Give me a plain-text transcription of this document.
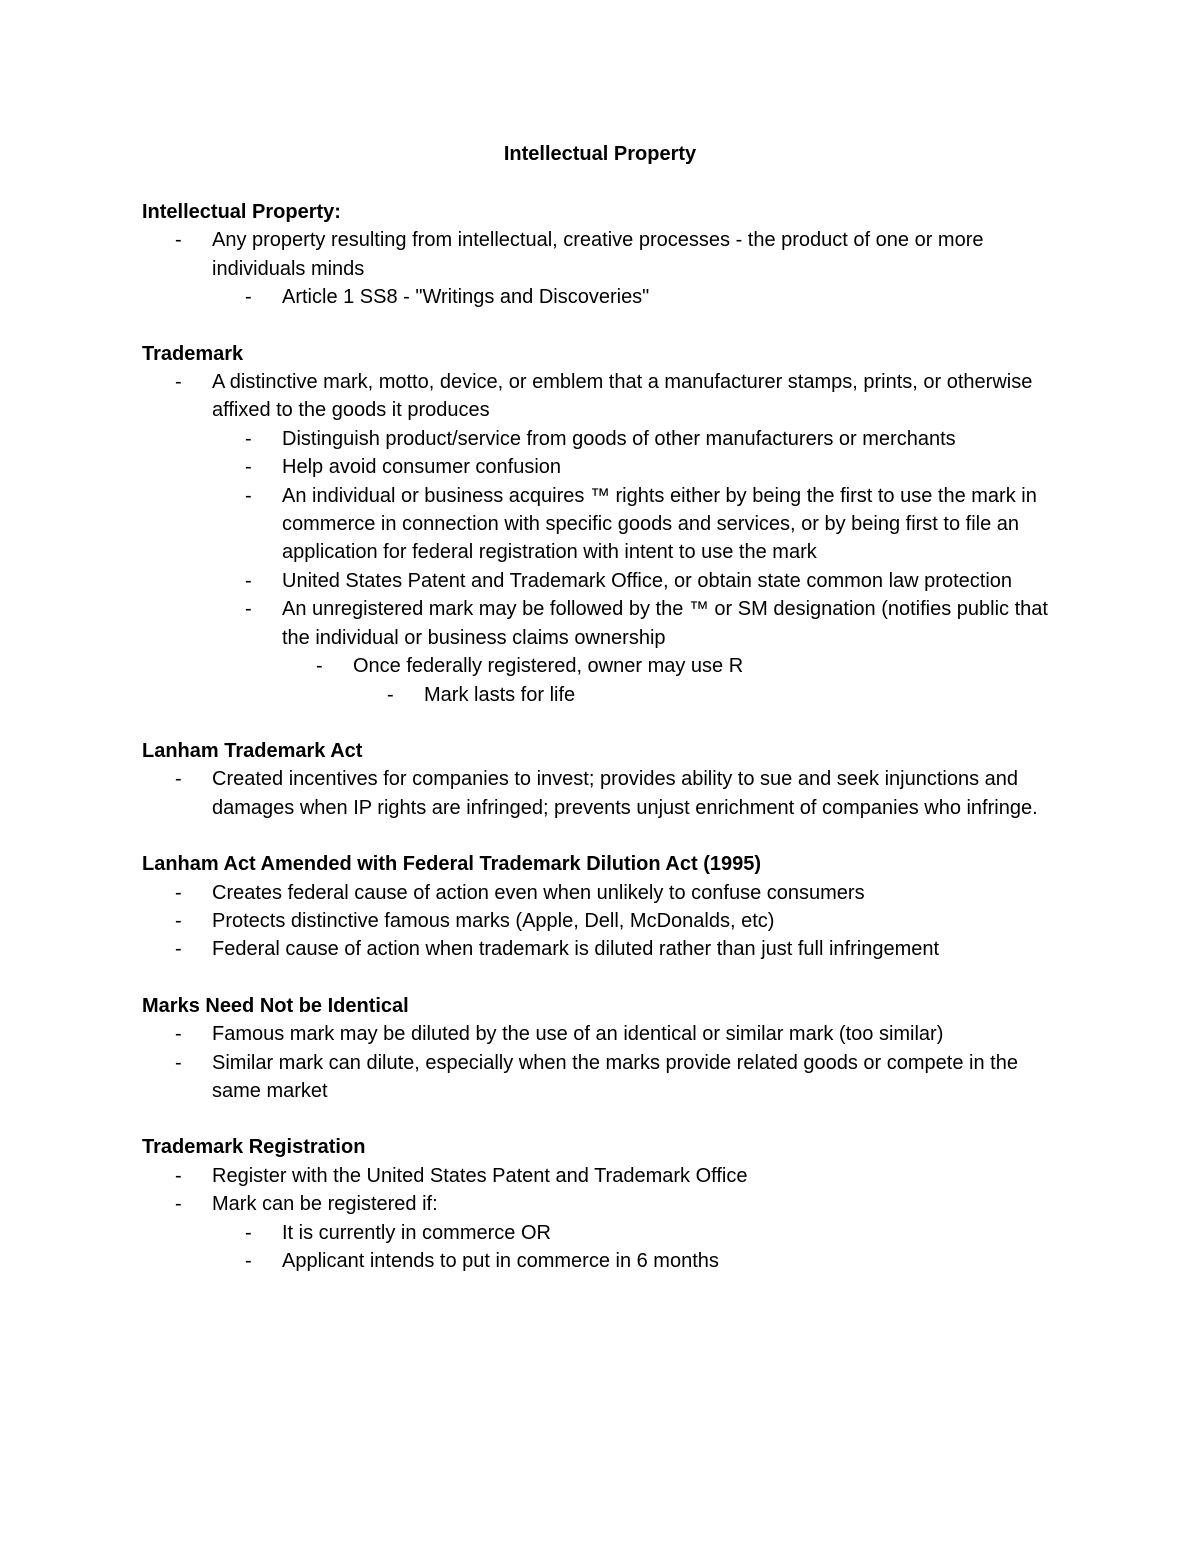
Intellectual Property
Intellectual Property:
- Any property resulting from intellectual, creative processes - the product of one or more individuals minds
- Article 1 SS8 - "Writings and Discoveries"
Trademark
- A distinctive mark, motto, device, or emblem that a manufacturer stamps, prints, or otherwise affixed to the goods it produces
- Distinguish product/service from goods of other manufacturers or merchants
- Help avoid consumer confusion
- An individual or business acquires ™ rights either by being the first to use the mark in commerce in connection with specific goods and services, or by being first to file an application for federal registration with intent to use the mark
- United States Patent and Trademark Office, or obtain state common law protection
- An unregistered mark may be followed by the ™ or SM designation (notifies public that the individual or business claims ownership
- Once federally registered, owner may use R
- Mark lasts for life
Lanham Trademark Act
- Created incentives for companies to invest; provides ability to sue and seek injunctions and damages when IP rights are infringed; prevents unjust enrichment of companies who infringe.
Lanham Act Amended with Federal Trademark Dilution Act (1995)
- Creates federal cause of action even when unlikely to confuse consumers
- Protects distinctive famous marks (Apple, Dell, McDonalds, etc)
- Federal cause of action when trademark is diluted rather than just full infringement
Marks Need Not be Identical
- Famous mark may be diluted by the use of an identical or similar mark (too similar)
- Similar mark can dilute, especially when the marks provide related goods or compete in the same market
Trademark Registration
- Register with the United States Patent and Trademark Office
- Mark can be registered if:
- It is currently in commerce OR
- Applicant intends to put in commerce in 6 months
